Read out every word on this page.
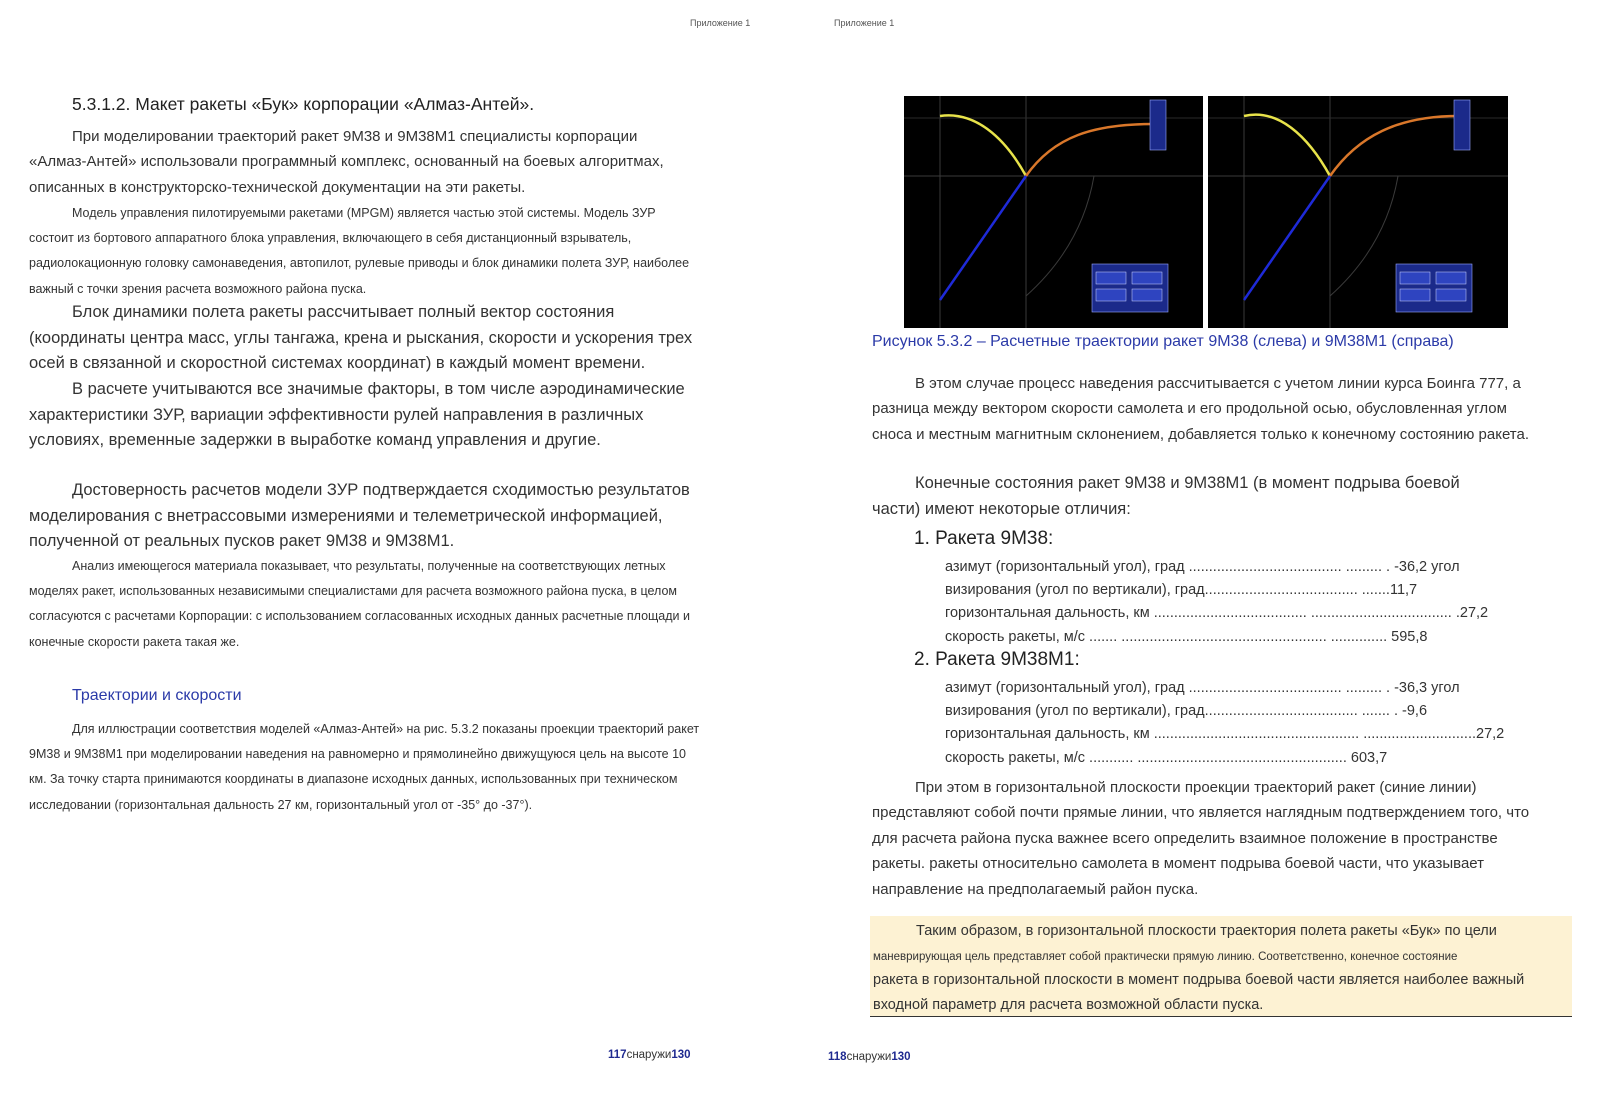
Приложение 1
5.3.1.2. Макет ракеты «Бук» корпорации «Алмаз-Антей».

При моделировании траекторий ракет 9М38 и 9М38М1 специалисты корпорации «Алмаз-Антей» использовали программный комплекс, основанный на боевых алгоритмах, описанных в конструкторско-технической документации на эти ракеты.

Модель управления пилотируемыми ракетами (MPGM) является частью этой системы. Модель ЗУР состоит из бортового аппаратного блока управления, включающего в себя дистанционный взрыватель, радиолокационную головку самонаведения, автопилот, рулевые приводы и блок динамики полета ЗУР, наиболее важный с точки зрения расчета возможного района пуска.

Блок динамики полета ракеты рассчитывает полный вектор состояния (координаты центра масс, углы тангажа, крена и рыскания, скорости и ускорения трех осей в связанной и скоростной системах координат) в каждый момент времени.

В расчете учитываются все значимые факторы, в том числе аэродинамические характеристики ЗУР, вариации эффективности рулей направления в различных условиях, временные задержки в выработке команд управления и другие.

Достоверность расчетов модели ЗУР подтверждается сходимостью результатов моделирования с внетрассовыми измерениями и телеметрической информацией, полученной от реальных пусков ракет 9М38 и 9М38М1.

Анализ имеющегося материала показывает, что результаты, полученные на соответствующих летных моделях ракет, использованных независимыми специалистами для расчета возможного района пуска, в целом согласуются с расчетами Корпорации: с использованием согласованных исходных данных расчетные площади и конечные скорости ракета такая же.

Траектории и скорости

Для иллюстрации соответствия моделей «Алмаз-Антей» на рис. 5.3.2 показаны проекции траекторий ракет 9М38 и 9М38М1 при моделировании наведения на равномерно и прямолинейно движущуюся цель на высоте 10 км. За точку старта принимаются координаты в диапазоне исходных данных, использованных при техническом исследовании (горизонтальная дальность 27 км, горизонтальный угол от -35° до -37°).

117снаружи130
Приложение 1
Рисунок 5.3.2 – Расчетные траектории ракет 9М38 (слева) и 9М38М1 (справа)

В этом случае процесс наведения рассчитывается с учетом линии курса Боинга 777, а разница между вектором скорости самолета и его продольной осью, обусловленная углом сноса и местным магнитным склонением, добавляется только к конечному состоянию ракета.

Конечные состояния ракет 9М38 и 9М38М1 (в момент подрыва боевой части) имеют некоторые отличия:

1. Ракета 9М38:
азимут (горизонтальный угол), град ...................................... ......... . -36,2 угол
визирования (угол по вертикали), град...................................... .......11,7
горизонтальная дальность, км ...................................... ................................... .27,2
скорость ракеты, м/с ....... ................................................... .............. 595,8
2. Ракета 9М38М1:
азимут (горизонтальный угол), град ...................................... ......... . -36,3 угол
визирования (угол по вертикали), град...................................... ....... . -9,6
горизонтальная дальность, км ................................................... ............................27,2
скорость ракеты, м/с ........... .................................................... 603,7

При этом в горизонтальной плоскости проекции траекторий ракет (синие линии) представляют собой почти прямые линии, что является наглядным подтверждением того, что для расчета района пуска важнее всего определить взаимное положение в пространстве ракеты. ракеты относительно самолета в момент подрыва боевой части, что указывает направление на предполагаемый район пуска.

Таким образом, в горизонтальной плоскости траектория полета ракеты «Бук» по цели

маневрирующая цель представляет собой практически прямую линию. Соответственно, конечное состояние

ракета в горизонтальной плоскости в момент подрыва боевой части является наиболее важный входной параметр для расчета возможной области пуска.

118снаружи130
